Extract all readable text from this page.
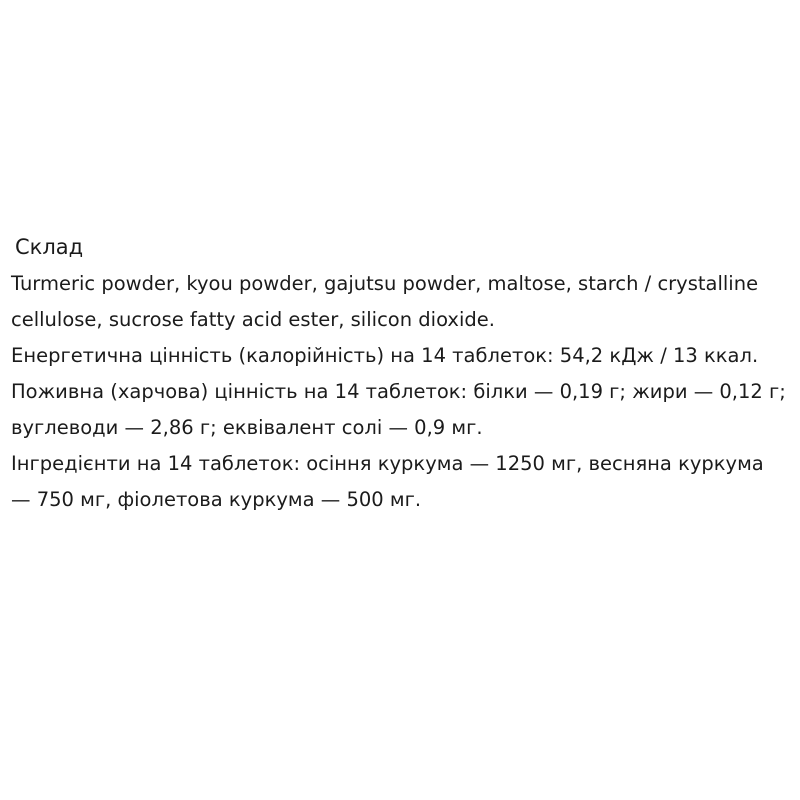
Склад

Turmeric powder, kyou powder, gajutsu powder, maltose, starch / crystalline cellulose, sucrose fatty acid ester, silicon dioxide.

Енергетична цінність (калорійність) на 14 таблеток: 54,2 кДж / 13 ккал.

Поживна (харчова) цінність на 14 таблеток: білки — 0,19 г; жири — 0,12 г; вуглеводи — 2,86 г; еквівалент солі — 0,9 мг.

Інгредієнти на 14 таблеток: осіння куркума — 1250 мг, весняна куркума — 750 мг, фіолетова куркума — 500 мг.
